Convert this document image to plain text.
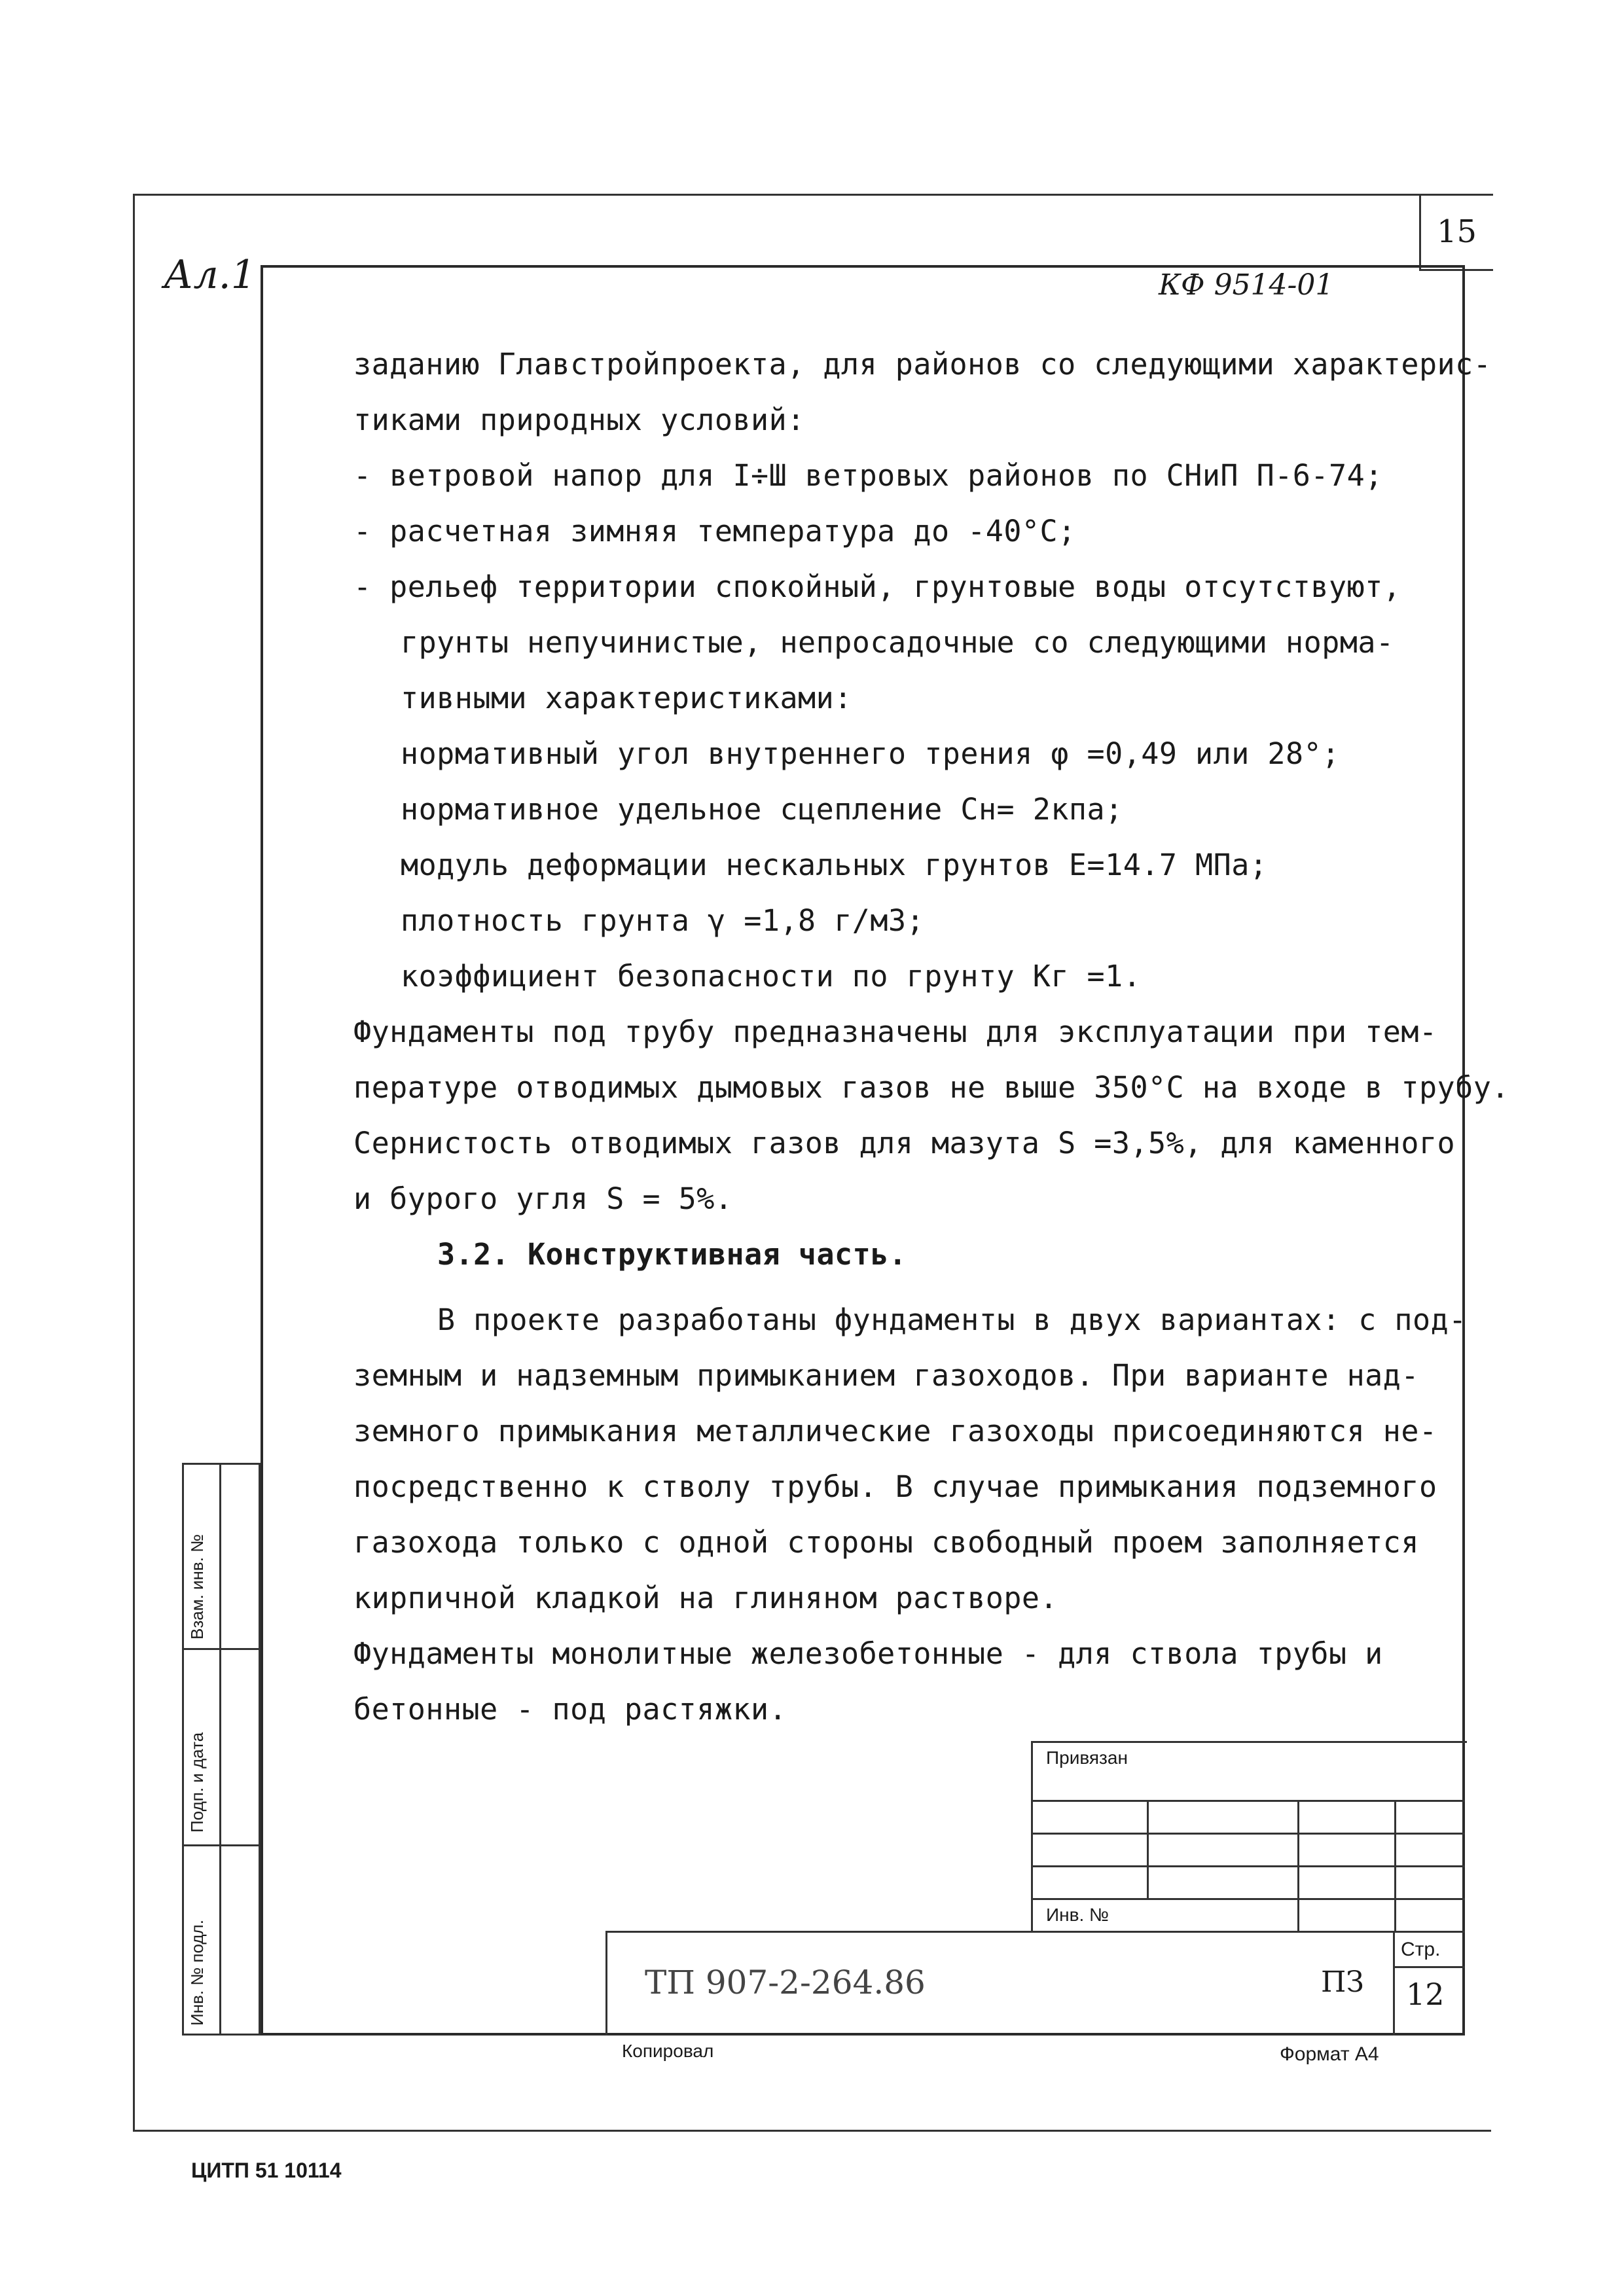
15
Ал.1	КФ 9514-01
заданию Главстройпроекта, для районов со следующими характерис-
тиками природных условий:
- ветровой напор для I÷Ш ветровых районов по СНиП П-6-74;
- расчетная зимняя температура до -40°С;
- рельеф территории спокойный, грунтовые воды отсутствуют,
грунты непучинистые, непросадочные со следующими норма-
тивными характеристиками:
нормативный угол внутреннего трения φ =0,49 или 28°;
нормативное удельное сцепление Сн= 2кпа;
модуль деформации нескальных грунтов Е=14.7 МПа;
плотность грунта γ =1,8 г/м3;
коэффициент безопасности по грунту Кг =1.
Фундаменты под трубу предназначены для эксплуатации при тем-
пературе отводимых дымовых газов не выше 350°С на входе в трубу.
Сернистость отводимых газов для мазута S =3,5%, для каменного
и бурого угля S = 5%.
3.2. Конструктивная часть.
В проекте разработаны фундаменты в двух вариантах: с под-
земным и надземным примыканием газоходов. При варианте над-
земного примыкания металлические газоходы присоединяются не-
посредственно к стволу трубы. В случае примыкания подземного
газохода только с одной стороны свободный проем заполняется
кирпичной кладкой на глиняном растворе.
Фундаменты монолитные железобетонные - для ствола трубы и
бетонные - под растяжки.
Взам. инв. №
Подп. и дата
Инв. № подл.
Привязан
Инв. №
ТП 907-2-264.86	ПЗ
Стр.
12
Копировал	Формат А4
ЦИТП 51 10114
